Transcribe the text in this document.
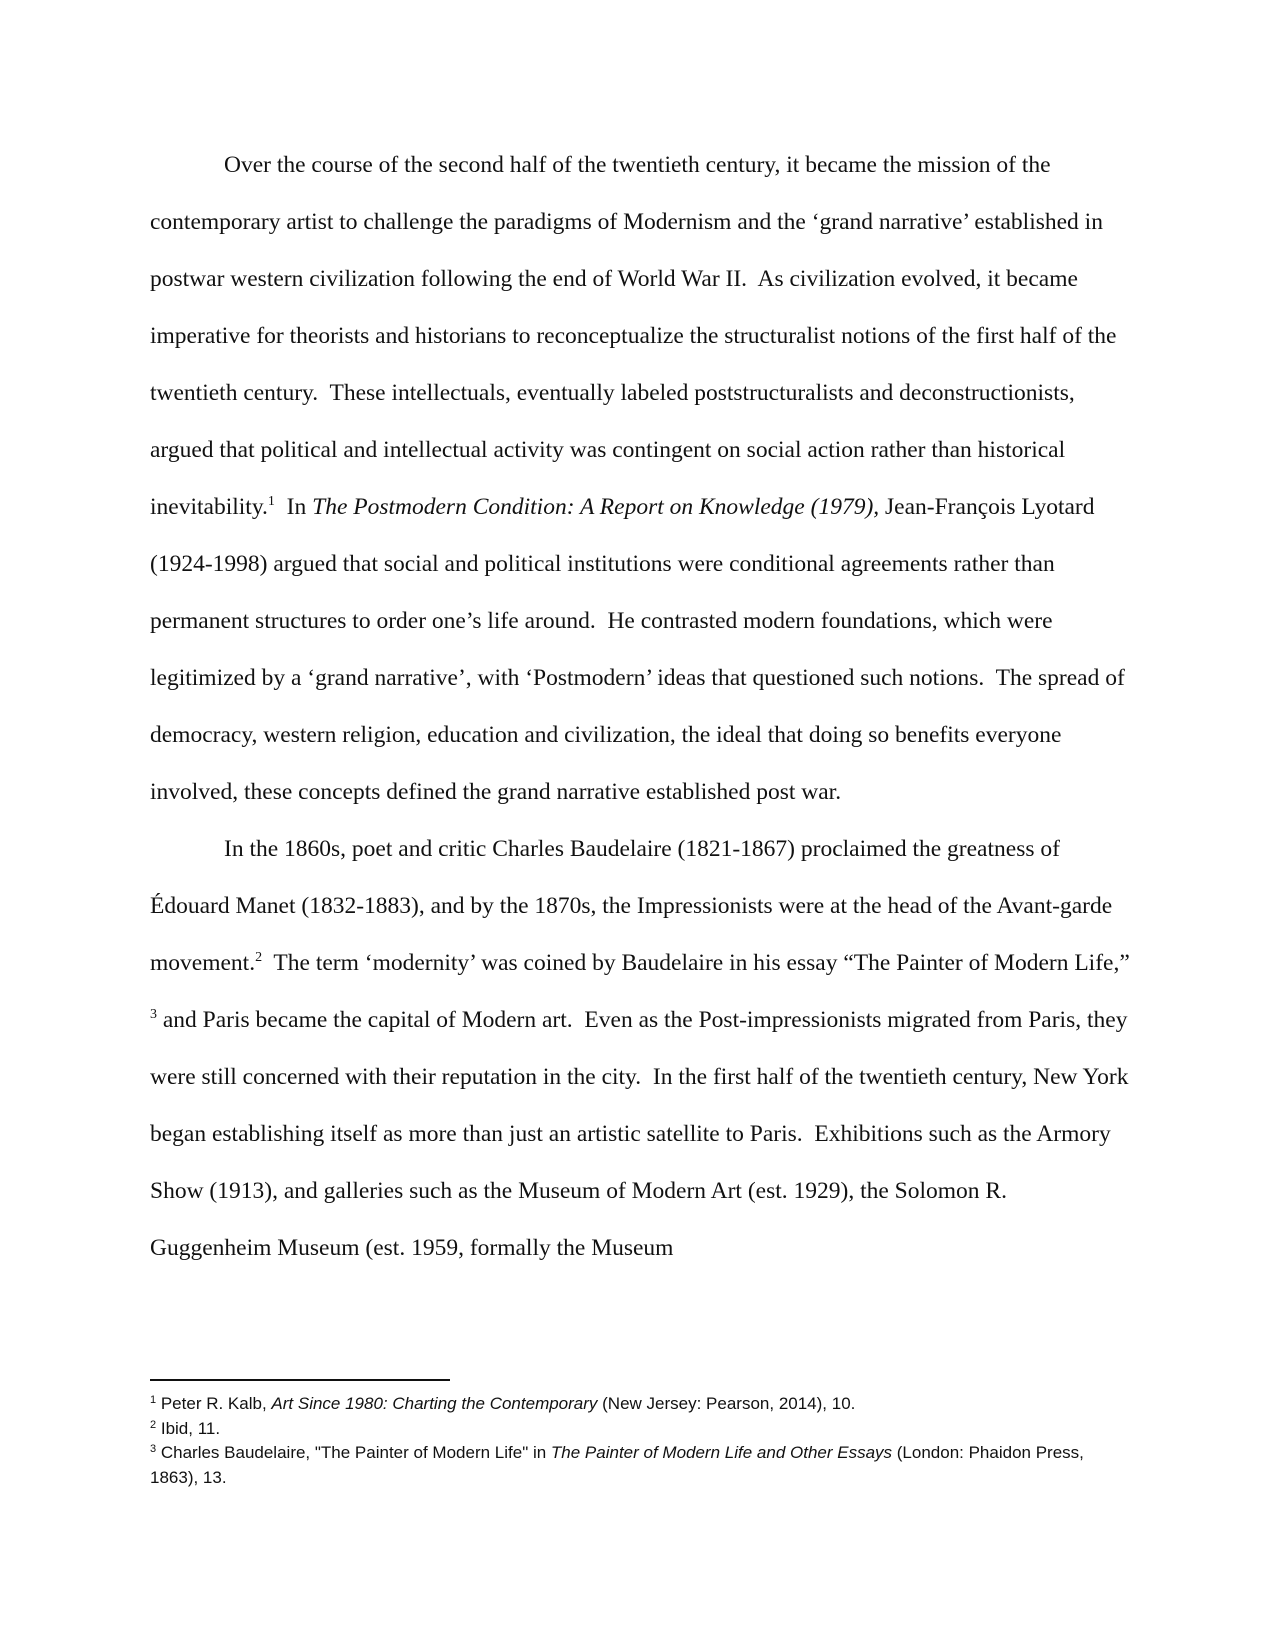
Over the course of the second half of the twentieth century, it became the mission of the contemporary artist to challenge the paradigms of Modernism and the ‘grand narrative’ established in postwar western civilization following the end of World War II.  As civilization evolved, it became imperative for theorists and historians to reconceptualize the structuralist notions of the first half of the twentieth century.  These intellectuals, eventually labeled poststructuralists and deconstructionists, argued that political and intellectual activity was contingent on social action rather than historical inevitability.$^1$  In The Postmodern Condition: A Report on Knowledge (1979), Jean-François Lyotard (1924-1998) argued that social and political institutions were conditional agreements rather than permanent structures to order one’s life around.  He contrasted modern foundations, which were legitimized by a ‘grand narrative’, with ‘Postmodern’ ideas that questioned such notions.  The spread of democracy, western religion, education and civilization, the ideal that doing so benefits everyone involved, these concepts defined the grand narrative established post war.

In the 1860s, poet and critic Charles Baudelaire (1821-1867) proclaimed the greatness of Édouard Manet (1832-1883), and by the 1870s, the Impressionists were at the head of the Avant-garde movement.$^2$  The term ‘modernity’ was coined by Baudelaire in his essay “The Painter of Modern Life,” $^3$ and Paris became the capital of Modern art.  Even as the Post-impressionists migrated from Paris, they were still concerned with their reputation in the city.  In the first half of the twentieth century, New York began establishing itself as more than just an artistic satellite to Paris.  Exhibitions such as the Armory Show (1913), and galleries such as the Museum of Modern Art (est. 1929), the Solomon R. Guggenheim Museum (est. 1959, formally the Museum

$^1$ Peter R. Kalb, Art Since 1980: Charting the Contemporary (New Jersey: Pearson, 2014), 10.

$^2$ Ibid, 11.

$^3$ Charles Baudelaire, "The Painter of Modern Life" in The Painter of Modern Life and Other Essays (London: Phaidon Press, 1863), 13.
